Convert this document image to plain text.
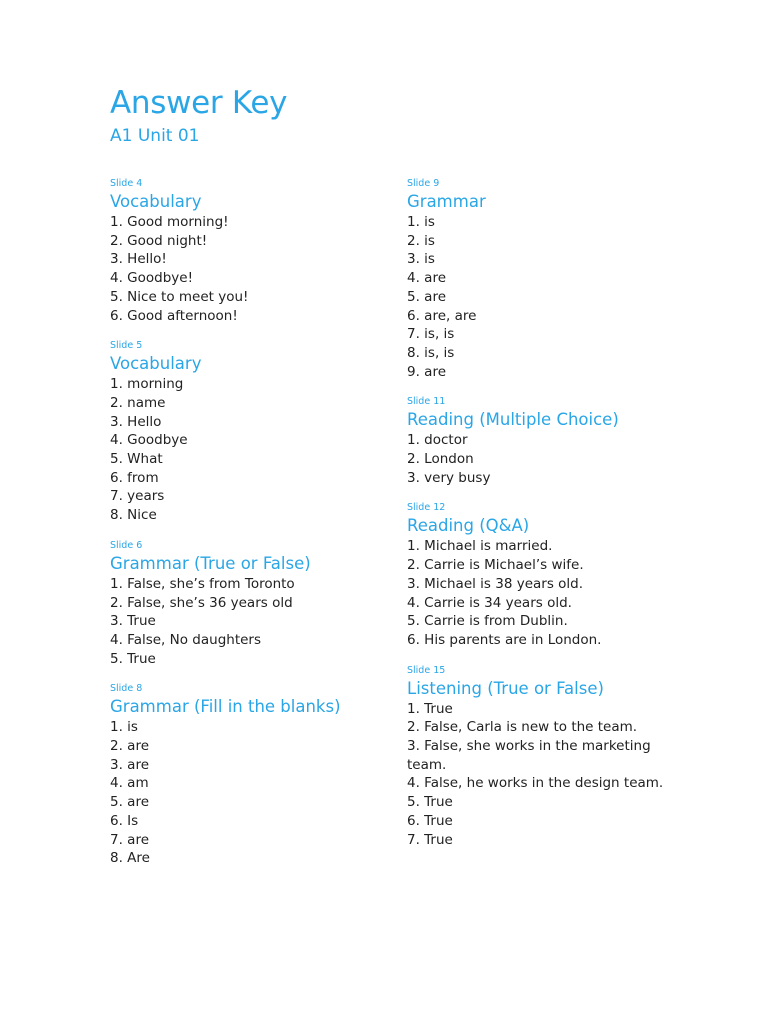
Answer Key
A1 Unit 01

Slide 4

Vocabulary
1. Good morning!
2. Good night!
3. Hello!
4. Goodbye!
5. Nice to meet you!
6. Good afternoon!

Slide 5

Vocabulary
1. morning
2. name
3. Hello
4. Goodbye
5. What
6. from
7. years
8. Nice

Slide 6

Grammar (True or False)
1. False, she’s from Toronto
2. False, she’s 36 years old
3. True
4. False, No daughters
5. True

Slide 8

Grammar (Fill in the blanks)
1. is
2. are
3. are
4. am
5. are
6. Is
7. are
8. Are

Slide 9

Grammar
1. is
2. is
3. is
4. are
5. are
6. are, are
7. is, is
8. is, is
9. are

Slide 11

Reading (Multiple Choice)
1. doctor
2. London
3. very busy

Slide 12

Reading (Q&A)
1. Michael is married.
2. Carrie is Michael’s wife.
3. Michael is 38 years old.
4. Carrie is 34 years old.
5. Carrie is from Dublin.
6. His parents are in London.

Slide 15

Listening (True or False)
1. True
2. False, Carla is new to the team.
3. False, she works in the marketing team.
4. False, he works in the design team.
5. True
6. True
7. True
